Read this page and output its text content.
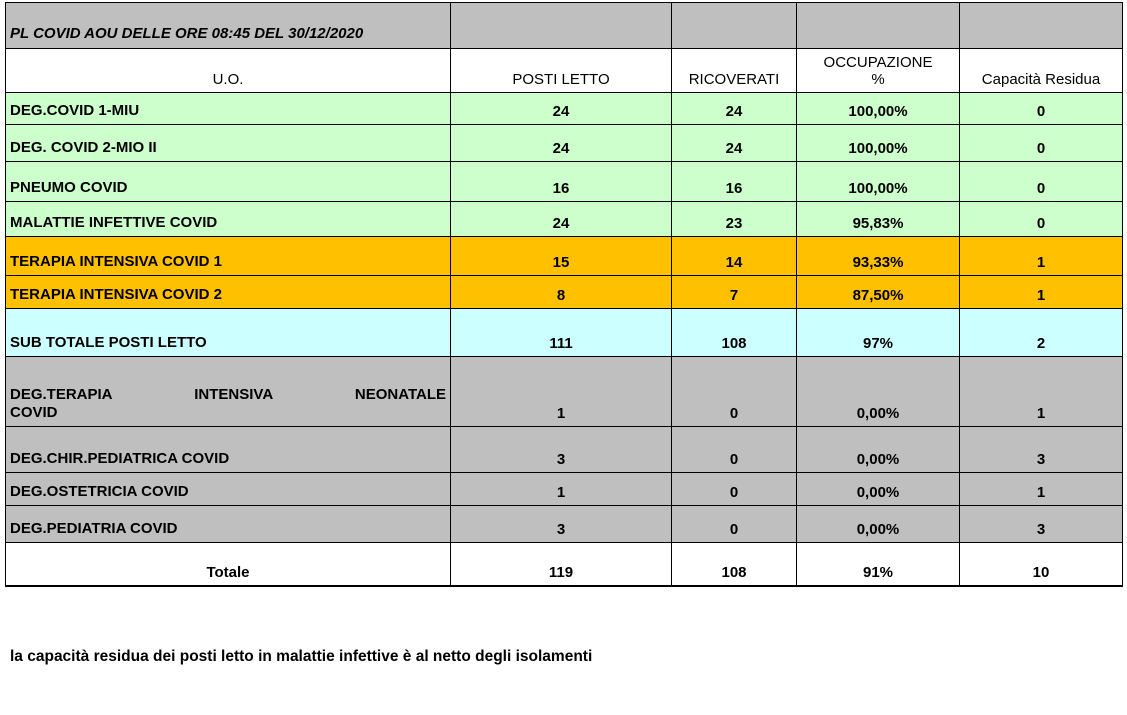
PL COVID AOU DELLE ORE 08:45 DEL 30/12/2020				

U.O.	POSTI LETTO	RICOVERATI	OCCUPAZIONE %	Capacità Residua
DEG.COVID 1-MIU	24	24	100,00%	0
DEG. COVID 2-MIO II	24	24	100,00%	0
PNEUMO COVID	16	16	100,00%	0
MALATTIE INFETTIVE COVID	24	23	95,83%	0
TERAPIA INTENSIVA COVID 1	15	14	93,33%	1
TERAPIA INTENSIVA COVID 2	8	7	87,50%	1
SUB TOTALE POSTI LETTO	111	108	97%	2

DEG.TERAPIA INTENSIVA NEONATALE
COVID	1	0	0,00%	1
DEG.CHIR.PEDIATRICA COVID	3	0	0,00%	3
DEG.OSTETRICIA COVID	1	0	0,00%	1
DEG.PEDIATRIA COVID	3	0	0,00%	3
Totale	119	108	91%	10

la capacità residua dei posti letto in malattie infettive è al netto degli isolamenti
